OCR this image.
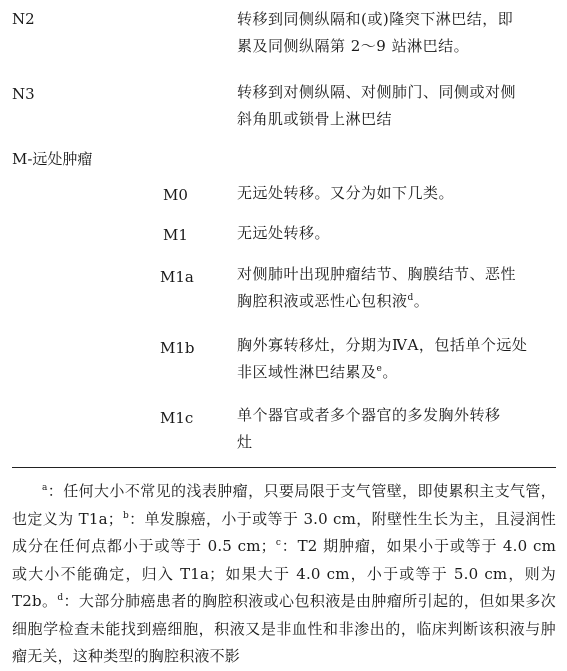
N2	转移到同侧纵隔和(或)隆突下淋巴结，即
累及同侧纵隔第 2～9 站淋巴结。
N3	转移到对侧纵隔、对侧肺门、同侧或对侧
斜角肌或锁骨上淋巴结
M-远处肿瘤
M0	无远处转移。又分为如下几类。
M1	无远处转移。
M1a	对侧肺叶出现肿瘤结节、胸膜结节、恶性
胸腔积液或恶性心包积液$^d$。
M1b	胸外寡转移灶，分期为ⅣA，包括单个远处
非区域性淋巴结累及$^e$。
M1c	单个器官或者多个器官的多发胸外转移
灶
$^a$：任何大小不常见的浅表肿瘤，只要局限于支气管壁，即使累积主支气管，也定义为 T1a；$^b$：单发腺癌，小于或等于 3.0 cm，附壁性生长为主，且浸润性成分在任何点都小于或等于 0.5 cm；$^c$：T2 期肿瘤，如果小于或等于 4.0 cm 或大小不能确定，归入 T1a；如果大于 4.0 cm，小于或等于 5.0 cm，则为 T2b。$^d$：大部分肺癌患者的胸腔积液或心包积液是由肿瘤所引起的，但如果多次细胞学检查未能找到癌细胞，积液又是非血性和非渗出的，临床判断该积液与肿瘤无关，这种类型的胸腔积液不影
